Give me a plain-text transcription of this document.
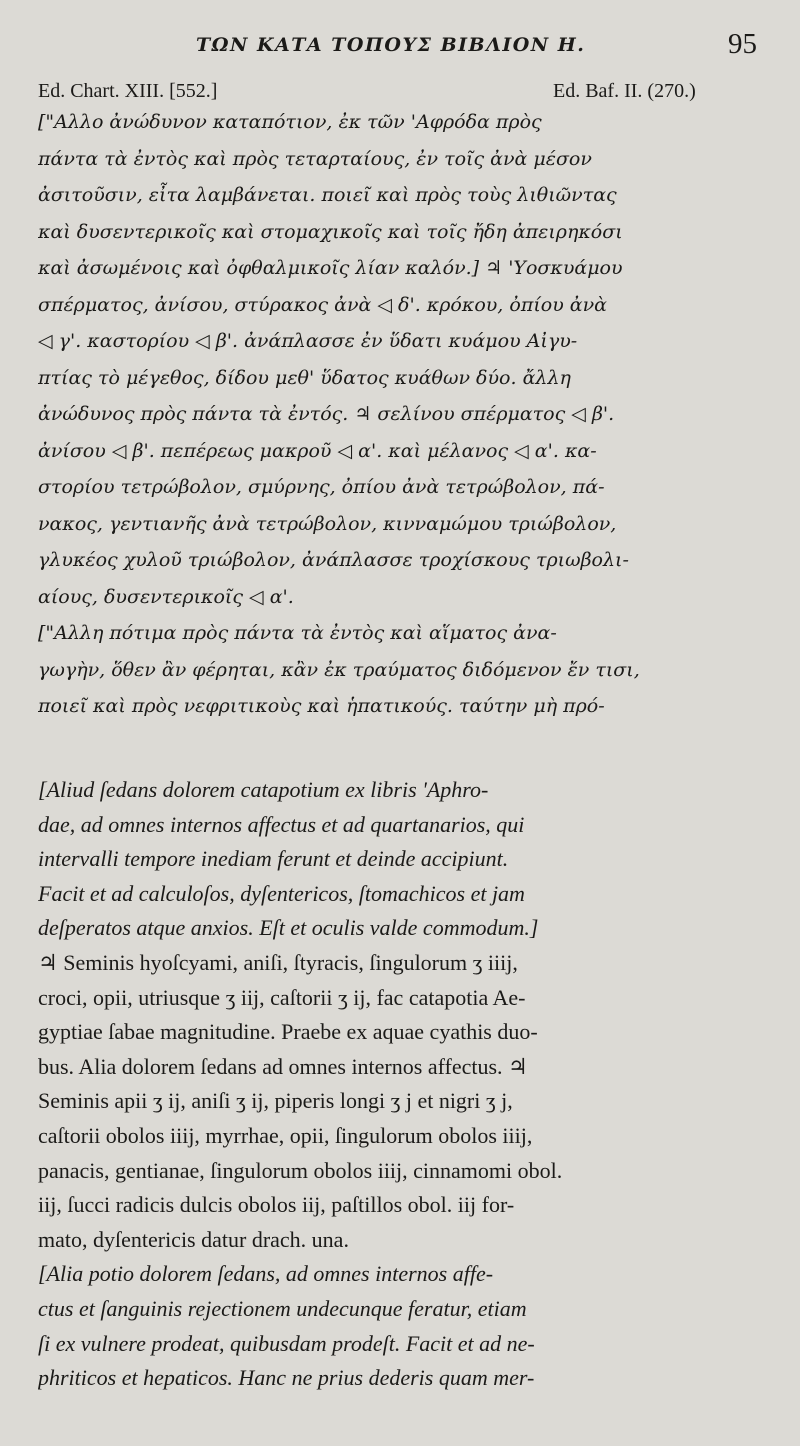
ΤΩΝ ΚΑΤΑ ΤΟΠΟΥΣ ΒΙΒΛΙΟΝ Η.	95
Ed. Chart. XIII. [552.]	Ed. Baf. II. (270.)
["Αλλο ἀνώδυνον καταπότιον, ἐκ τῶν 'Αφρόδα πρὸς
πάντα τὰ ἐντὸς καὶ πρὸς τεταρταίους, ἐν τοῖς ἀνὰ μέσον
ἀσιτοῦσιν, εἶτα λαμβάνεται. ποιεῖ καὶ πρὸς τοὺς λιθιῶντας
καὶ δυσεντερικοῖς καὶ στομαχικοῖς καὶ τοῖς ἤδη ἀπειρηκόσι
καὶ ἀσωμένοις καὶ ὀφθαλμικοῖς λίαν καλόν.] ♃ 'Υοσκυάμου
σπέρματος, ἀνίσου, στύρακος ἀνὰ ◁ δ'. κρόκου, ὀπίου ἀνὰ
◁ γ'. καστορίου ◁ β'. ἀνάπλασσε ἐν ὕδατι κυάμου Αἰγυ-
πτίας τὸ μέγεθος, δίδου μεθ' ὕδατος κυάθων δύο. ἄλλη
ἀνώδυνος πρὸς πάντα τὰ ἐντός. ♃ σελίνου σπέρματος ◁ β'.
ἀνίσου ◁ β'. πεπέρεως μακροῦ ◁ α'. καὶ μέλανος ◁ α'. κα-
στορίου τετρώβολον, σμύρνης, ὀπίου ἀνὰ τετρώβολον, πά-
νακος, γεντιανῆς ἀνὰ τετρώβολον, κινναμώμου τριώβολον,
γλυκέος χυλοῦ τριώβολον, ἀνάπλασσε τροχίσκους τριωβολι-
αίους, δυσεντερικοῖς ◁ α'.
["Αλλη πότιμα πρὸς πάντα τὰ ἐντὸς καὶ αἵματος ἀνα-
γωγὴν, ὅθεν ἂν φέρηται, κἂν ἐκ τραύματος διδόμενον ἔν τισι,
ποιεῖ καὶ πρὸς νεφριτικοὺς καὶ ἡπατικούς. ταύτην μὴ πρό-
[Aliud ſedans dolorem catapotium ex libris 'Aphro-
dae, ad omnes internos affectus et ad quartanarios, qui
intervalli tempore inediam ferunt et deinde accipiunt.
Facit et ad calculoſos, dyſentericos, ſtomachicos et jam
deſperatos atque anxios. Eſt et oculis valde commodum.]
♃ Seminis hyoſcyami, aniſi, ſtyracis, ſingulorum ʒ iiij,
croci, opii, utriusque ʒ iij, caſtorii ʒ ij, fac catapotia Ae-
gyptiae ſabae magnitudine. Praebe ex aquae cyathis duo-
bus. Alia dolorem ſedans ad omnes internos affectus. ♃
Seminis apii ʒ ij, aniſi ʒ ij, piperis longi ʒ j et nigri ʒ j,
caſtorii obolos iiij, myrrhae, opii, ſingulorum obolos iiij,
panacis, gentianae, ſingulorum obolos iiij, cinnamomi obol.
iij, ſucci radicis dulcis obolos iij, paſtillos obol. iij for-
mato, dyſentericis datur drach. una.
[Alia potio dolorem ſedans, ad omnes internos affe-
ctus et ſanguinis rejectionem undecunque feratur, etiam
ſi ex vulnere prodeat, quibusdam prodeſt. Facit et ad ne-
phriticos et hepaticos. Hanc ne prius dederis quam mer-
